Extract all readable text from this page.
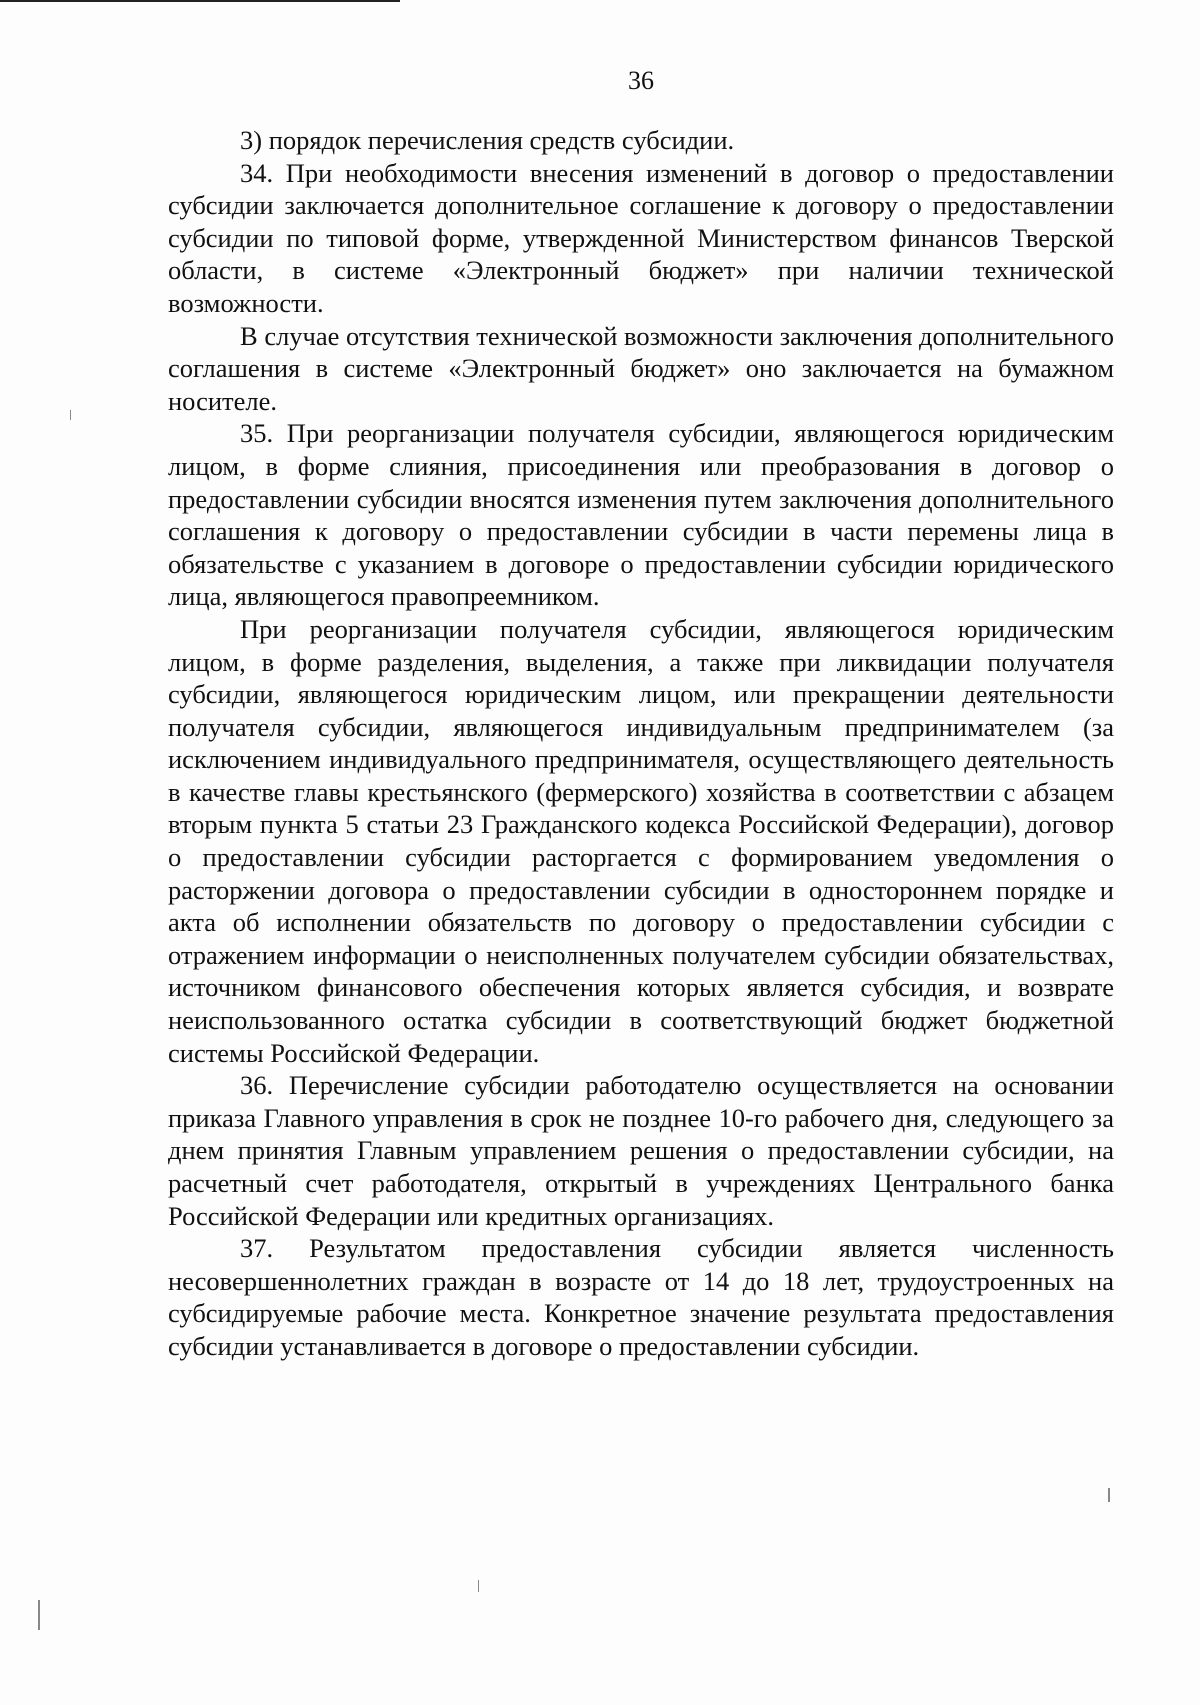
36

3) порядок перечисления средств субсидии.

34. При необходимости внесения изменений в договор о предоставлении субсидии заключается дополнительное соглашение к договору о предоставлении субсидии по типовой форме, утвержденной Министерством финансов Тверской области, в системе «Электронный бюджет» при наличии технической возможности.

В случае отсутствия технической возможности заключения дополнительного соглашения в системе «Электронный бюджет» оно заключается на бумажном носителе.

35. При реорганизации получателя субсидии, являющегося юридическим лицом, в форме слияния, присоединения или преобразования в договор о предоставлении субсидии вносятся изменения путем заключения дополнительного соглашения к договору о предоставлении субсидии в части перемены лица в обязательстве с указанием в договоре о предоставлении субсидии юридического лица, являющегося правопреемником.

При реорганизации получателя субсидии, являющегося юридическим лицом, в форме разделения, выделения, а также при ликвидации получателя субсидии, являющегося юридическим лицом, или прекращении деятельности получателя субсидии, являющегося индивидуальным предпринимателем (за исключением индивидуального предпринимателя, осуществляющего деятельность в качестве главы крестьянского (фермерского) хозяйства в соответствии с абзацем вторым пункта 5 статьи 23 Гражданского кодекса Российской Федерации), договор о предоставлении субсидии расторгается с формированием уведомления о расторжении договора о предоставлении субсидии в одностороннем порядке и акта об исполнении обязательств по договору о предоставлении субсидии с отражением информации о неисполненных получателем субсидии обязательствах, источником финансового обеспечения которых является субсидия, и возврате неиспользованного остатка субсидии в соответствующий бюджет бюджетной системы Российской Федерации.

36. Перечисление субсидии работодателю осуществляется на основании приказа Главного управления в срок не позднее 10-го рабочего дня, следующего за днем принятия Главным управлением решения о предоставлении субсидии, на расчетный счет работодателя, открытый в учреждениях Центрального банка Российской Федерации или кредитных организациях.

37. Результатом предоставления субсидии является численность несовершеннолетних граждан в возрасте от 14 до 18 лет, трудоустроенных на субсидируемые рабочие места. Конкретное значение результата предоставления субсидии устанавливается в договоре о предоставлении субсидии.
